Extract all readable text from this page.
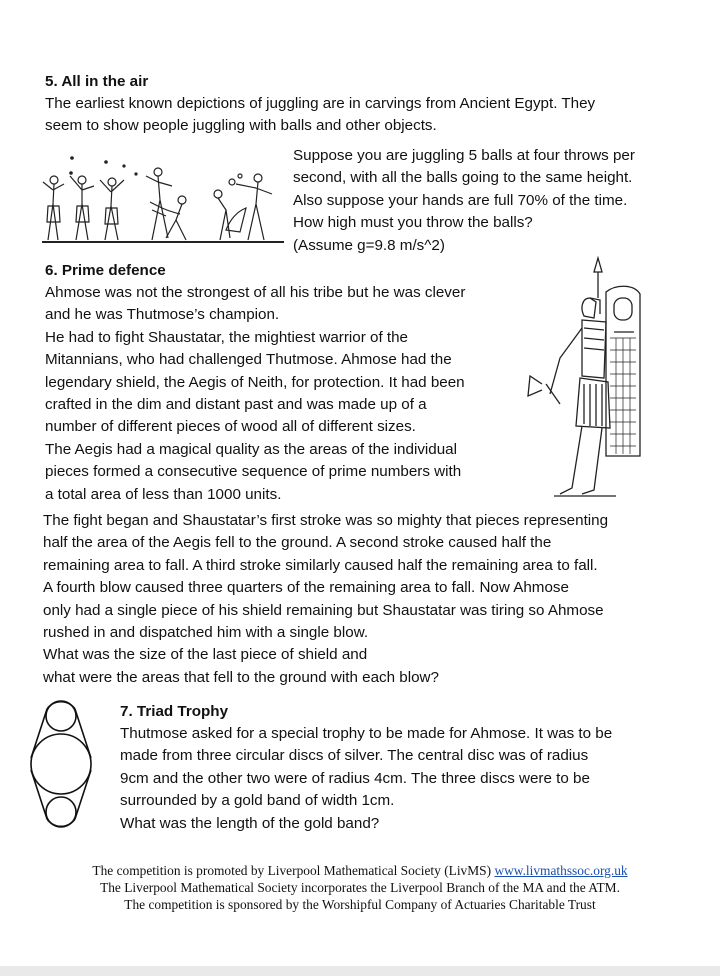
5. All in the air
The earliest known depictions of juggling are in carvings from Ancient Egypt. They
seem to show people juggling with balls and other objects.
Suppose you are juggling 5 balls at four throws per
second, with all the balls going to the same height.
Also suppose your hands are full 70% of the time.
How high must you throw the balls?
(Assume g=9.8 m/s^2)
6. Prime defence
Ahmose was not the strongest of all his tribe but he was clever
and he was Thutmose’s champion.
He had to fight Shaustatar, the mightiest warrior of the
Mitannians, who had challenged Thutmose. Ahmose had the
legendary shield, the Aegis of Neith, for protection. It had been
crafted in the dim and distant past and was made up of a
number of different pieces of wood all of different sizes.
The Aegis had a magical quality as the areas of the individual
pieces formed a consecutive sequence of prime numbers with
a total area of less than 1000 units.
The fight began and Shaustatar’s first stroke was so mighty that pieces representing
half the area of the Aegis fell to the ground. A second stroke caused half the
remaining area to fall. A third stroke similarly caused half the remaining area to fall.
A fourth blow caused three quarters of the remaining area to fall. Now Ahmose
only had a single piece of his shield remaining but Shaustatar was tiring so Ahmose
rushed in and dispatched him with a single blow.
What was the size of the last piece of shield and
what were the areas that fell to the ground with each blow?
7. Triad Trophy
Thutmose asked for a special trophy to be made for Ahmose. It was to be
made from three circular discs of silver. The central disc was of radius
9cm and the other two were of radius 4cm. The three discs were to be
surrounded by a gold band of width 1cm.
What was the length of the gold band?
The competition is promoted by Liverpool Mathematical Society (LivMS) www.livmathssoc.org.uk
The Liverpool Mathematical Society incorporates the Liverpool Branch of the MA and the ATM.
The competition is sponsored by the Worshipful Company of Actuaries Charitable Trust
